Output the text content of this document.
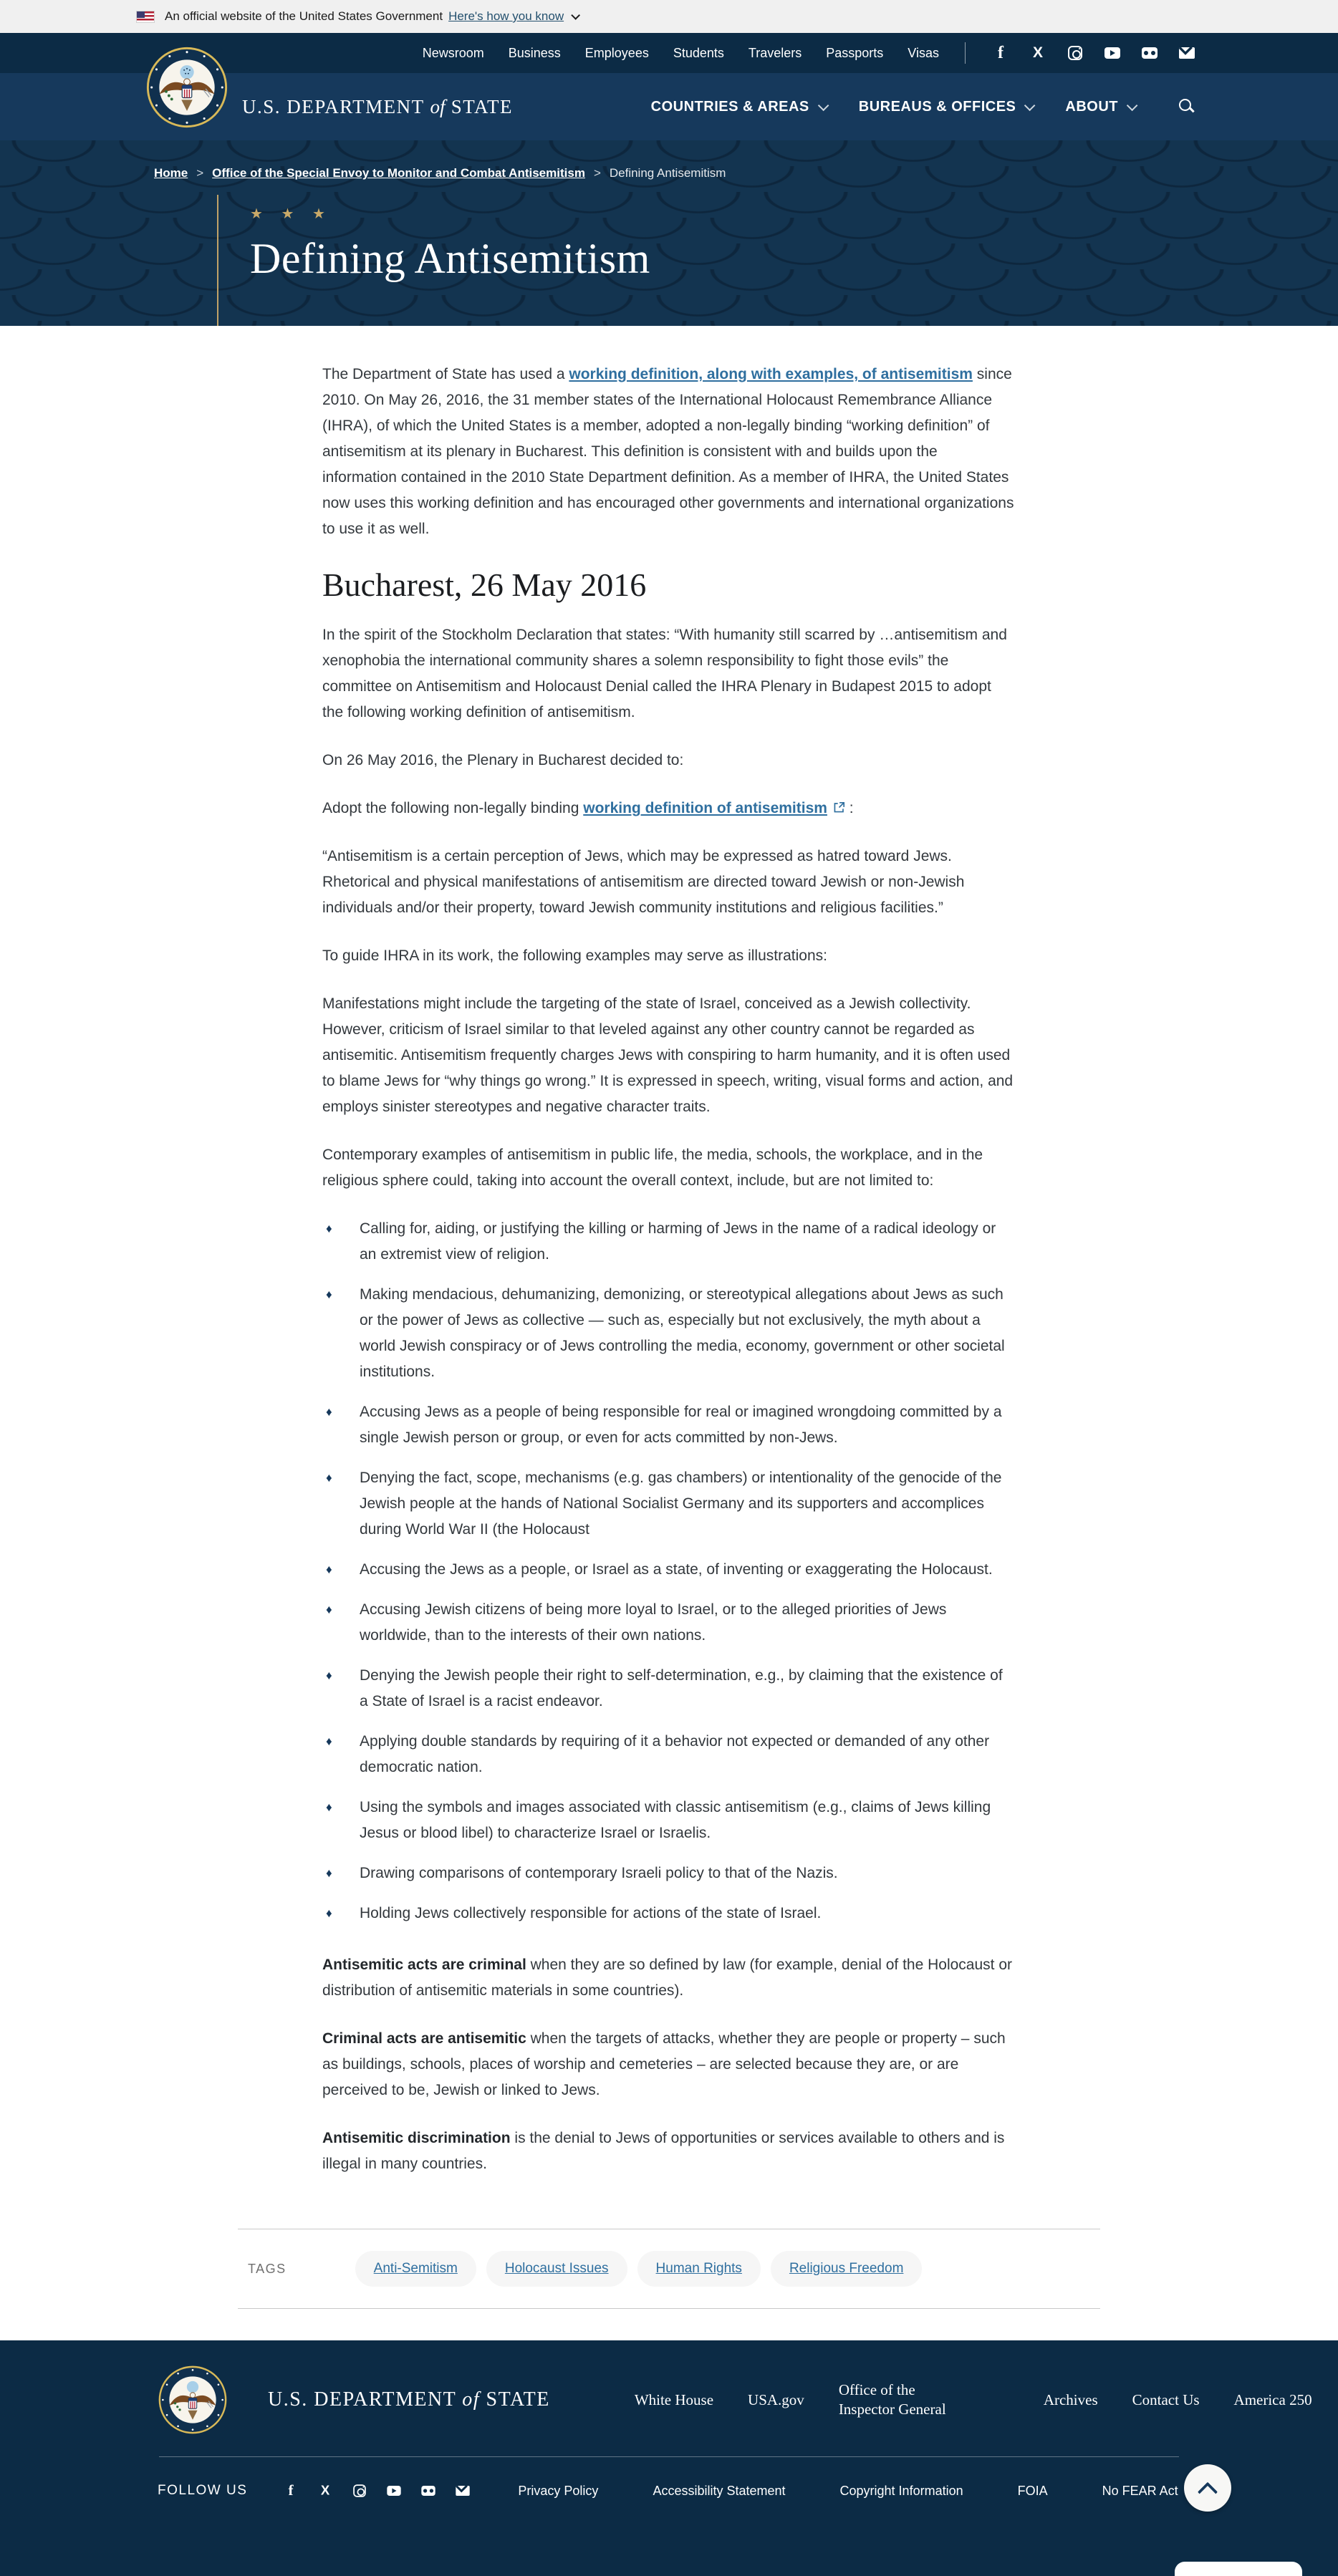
An official website of the United States Government Here's how you know
Newsroom Business Employees Students Travelers Passports Visas
f
X
U.S. DEPARTMENT of STATE	COUNTRIES & AREAS	BUREAUS & OFFICES	ABOUT
Home > Office of the Special Envoy to Monitor and Combat Antisemitism > Defining Antisemitism
★ ★ ★
Defining Antisemitism

The Department of State has used a working definition, along with examples, of antisemitism since 2010. On May 26, 2016, the 31 member states of the International Holocaust Remembrance Alliance (IHRA), of which the United States is a member, adopted a non-legally binding “working definition” of antisemitism at its plenary in Bucharest. This definition is consistent with and builds upon the information contained in the 2010 State Department definition. As a member of IHRA, the United States now uses this working definition and has encouraged other governments and international organizations to use it as well.

Bucharest, 26 May 2016

In the spirit of the Stockholm Declaration that states: “With humanity still scarred by …antisemitism and xenophobia the international community shares a solemn responsibility to fight those evils” the committee on Antisemitism and Holocaust Denial called the IHRA Plenary in Budapest 2015 to adopt the following working definition of antisemitism.

On 26 May 2016, the Plenary in Bucharest decided to:

Adopt the following non-legally binding working definition of antisemitism :

“Antisemitism is a certain perception of Jews, which may be expressed as hatred toward Jews. Rhetorical and physical manifestations of antisemitism are directed toward Jewish or non-Jewish individuals and/or their property, toward Jewish community institutions and religious facilities.”

To guide IHRA in its work, the following examples may serve as illustrations:

Manifestations might include the targeting of the state of Israel, conceived as a Jewish collectivity. However, criticism of Israel similar to that leveled against any other country cannot be regarded as antisemitic. Antisemitism frequently charges Jews with conspiring to harm humanity, and it is often used to blame Jews for “why things go wrong.” It is expressed in speech, writing, visual forms and action, and employs sinister stereotypes and negative character traits.

Contemporary examples of antisemitism in public life, the media, schools, the workplace, and in the religious sphere could, taking into account the overall context, include, but are not limited to:

♦ Calling for, aiding, or justifying the killing or harming of Jews in the name of a radical ideology or an extremist view of religion.
♦ Making mendacious, dehumanizing, demonizing, or stereotypical allegations about Jews as such or the power of Jews as collective — such as, especially but not exclusively, the myth about a world Jewish conspiracy or of Jews controlling the media, economy, government or other societal institutions.
♦ Accusing Jews as a people of being responsible for real or imagined wrongdoing committed by a single Jewish person or group, or even for acts committed by non-Jews.
♦ Denying the fact, scope, mechanisms (e.g. gas chambers) or intentionality of the genocide of the Jewish people at the hands of National Socialist Germany and its supporters and accomplices during World War II (the Holocaust
♦ Accusing the Jews as a people, or Israel as a state, of inventing or exaggerating the Holocaust.
♦ Accusing Jewish citizens of being more loyal to Israel, or to the alleged priorities of Jews worldwide, than to the interests of their own nations.
♦ Denying the Jewish people their right to self-determination, e.g., by claiming that the existence of a State of Israel is a racist endeavor.
♦ Applying double standards by requiring of it a behavior not expected or demanded of any other democratic nation.
♦ Using the symbols and images associated with classic antisemitism (e.g., claims of Jews killing Jesus or blood libel) to characterize Israel or Israelis.
♦ Drawing comparisons of contemporary Israeli policy to that of the Nazis.
♦ Holding Jews collectively responsible for actions of the state of Israel.

Antisemitic acts are criminal when they are so defined by law (for example, denial of the Holocaust or distribution of antisemitic materials in some countries).

Criminal acts are antisemitic when the targets of attacks, whether they are people or property – such as buildings, schools, places of worship and cemeteries – are selected because they are, or are perceived to be, Jewish or linked to Jews.

Antisemitic discrimination is the denial to Jews of opportunities or services available to others and is illegal in many countries.

TAGS	Anti-Semitism	Holocaust Issues	Human Rights	Religious Freedom
U.S. DEPARTMENT of STATE	White House USA.gov
Office of the Inspector General
Archives Contact Us America 250
FOLLOW US f X	Privacy Policy	Accessibility Statement	Copyright Information	FOIA	No FEAR Act
